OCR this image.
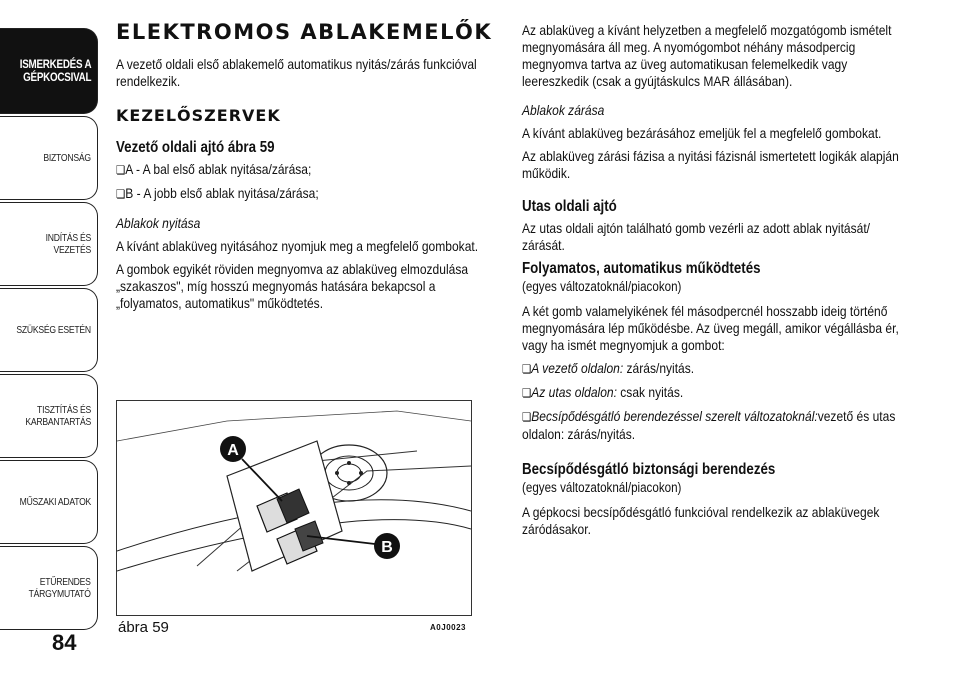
ISMERKEDÉS A
GÉPKOCSIVAL
BIZTONSÁG
INDÍTÁS ÉS VEZETÉS
SZÜKSÉG ESETÉN
TISZTÍTÁS ÉS
KARBANTARTÁS
MŰSZAKI ADATOK
ETŰRENDES
TÁRGYMUTATÓ
84
ELEKTROMOS ABLAKEMELŐK

A vezető oldali első ablakemelő automatikus nyitás/zárás funkcióval rendelkezik.

KEZELŐSZERVEK
Vezető oldali ajtó ábra 59

❏ A - A bal első ablak nyitása/zárása;

❏ B - A jobb első ablak nyitása/zárása;

Ablakok nyitása

A kívánt ablaküveg nyitásához nyomjuk meg a megfelelő gombokat.

A gombok egyikét röviden megnyomva az ablaküveg elmozdulása „szakaszos", míg hosszú megnyomás hatására bekapcsol a „folyamatos, automatikus" működtetés.

A
B
ábra 59	A0J0023

Az ablaküveg a kívánt helyzetben a megfelelő mozgatógomb ismételt megnyomására áll meg. A nyomógombot néhány másodpercig megnyomva tartva az üveg automatikusan felemelkedik vagy leereszkedik (csak a gyújtáskulcs MAR állásában).

Ablakok zárása

A kívánt ablaküveg bezárásához emeljük fel a megfelelő gombokat.

Az ablaküveg zárási fázisa a nyitási fázisnál ismertetett logikák alapján működik.

Utas oldali ajtó

Az utas oldali ajtón található gomb vezérli az adott ablak nyitását/ zárását.

Folyamatos, automatikus működtetés

(egyes változatoknál/piacokon)

A két gomb valamelyikének fél másodpercnél hosszabb ideig történő megnyomására lép működésbe. Az üveg megáll, amikor végállásba ér, vagy ha ismét megnyomjuk a gombot:

❏ A vezető oldalon: zárás/nyitás.

❏ Az utas oldalon: csak nyitás.

❏ Becsípődésgátló berendezéssel szerelt változatoknál:vezető és utas oldalon: zárás/nyitás.

Becsípődésgátló biztonsági berendezés

(egyes változatoknál/piacokon)

A gépkocsi becsípődésgátló funkcióval rendelkezik az ablaküvegek záródásakor.
